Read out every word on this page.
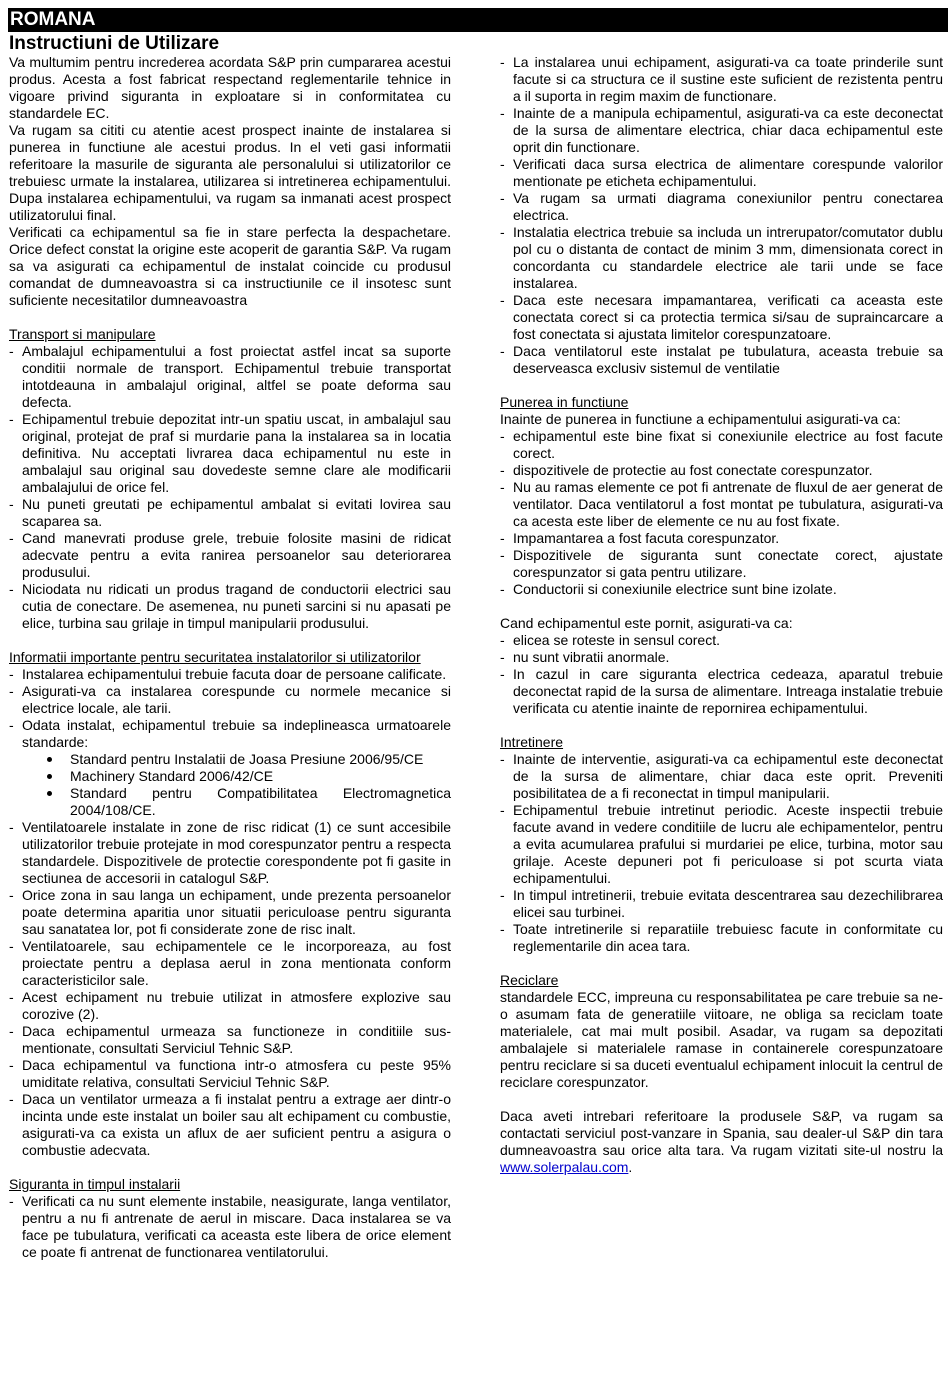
ROMANA
Instructiuni de Utilizare

Va multumim pentru increderea acordata S&P prin cumpararea acestui produs. Acesta a fost fabricat respectand reglementarile tehnice in vigoare privind siguranta in exploatare si in conformitatea cu standardele EC.

Va rugam sa cititi cu atentie acest prospect inainte de instalarea si punerea in functiune ale acestui produs. In el veti gasi informatii referitoare la masurile de siguranta ale personalului si utilizatorilor ce trebuiesc urmate la instalarea, utilizarea si intretinerea echipamentului. Dupa instalarea echipamentului, va rugam sa inmanati acest prospect utilizatorului final.

Verificati ca echipamentul sa fie in stare perfecta la despachetare. Orice defect constat la origine este acoperit de garantia S&P. Va rugam sa va asigurati ca echipamentul de instalat coincide cu produsul comandat de dumneavoastra si ca instructiunile ce il insotesc sunt suficiente necesitatilor dumneavoastra

Transport si manipulare

- Ambalajul echipamentului a fost proiectat astfel incat sa suporte conditii normale de transport. Echipamentul trebuie transportat intotdeauna in ambalajul original, altfel se poate deforma sau defecta.
- Echipamentul trebuie depozitat intr-un spatiu uscat, in ambalajul sau original, protejat de praf si murdarie pana la instalarea sa in locatia definitiva. Nu acceptati livrarea daca echipamentul nu este in ambalajul sau original sau dovedeste semne clare ale modificarii ambalajului de orice fel.
- Nu puneti greutati pe echipamentul ambalat si evitati lovirea sau scaparea sa.
- Cand manevrati produse grele, trebuie folosite masini de ridicat adecvate pentru a evita ranirea persoanelor sau deteriorarea produsului.
- Niciodata nu ridicati un produs tragand de conductorii electrici sau cutia de conectare. De asemenea, nu puneti sarcini si nu apasati pe elice, turbina sau grilaje in timpul manipularii produsului.

Informatii importante pentru securitatea instalatorilor si utilizatorilor

- Instalarea echipamentului trebuie facuta doar de persoane calificate.
- Asigurati-va ca instalarea corespunde cu normele mecanice si electrice locale, ale tarii.
- Odata instalat, echipamentul trebuie sa indeplineasca urmatoarele standarde:
Standard pentru Instalatii de Joasa Presiune 2006/95/CE
Machinery Standard 2006/42/CE
Standard pentru Compatibilitatea Electromagnetica 2004/108/CE.
- Ventilatoarele instalate in zone de risc ridicat (1) ce sunt accesibile utilizatorilor trebuie protejate in mod corespunzator pentru a respecta standardele. Dispozitivele de protectie corespondente pot fi gasite in sectiunea de accesorii in catalogul S&P.
- Orice zona in sau langa un echipament, unde prezenta persoanelor poate determina aparitia unor situatii periculoase pentru siguranta sau sanatatea lor, pot fi considerate zone de risc inalt.
- Ventilatoarele, sau echipamentele ce le incorporeaza, au fost proiectate pentru a deplasa aerul in zona mentionata conform caracteristicilor sale.
- Acest echipament nu trebuie utilizat in atmosfere explozive sau corozive (2).
- Daca echipamentul urmeaza sa functioneze in conditiile sus-mentionate, consultati Serviciul Tehnic S&P.
- Daca echipamentul va functiona intr-o atmosfera cu peste 95% umiditate relativa, consultati Serviciul Tehnic S&P.
- Daca un ventilator urmeaza a fi instalat pentru a extrage aer dintr-o incinta unde este instalat un boiler sau alt echipament cu combustie, asigurati-va ca exista un aflux de aer suficient pentru a asigura o combustie adecvata.

Siguranta in timpul instalarii

- Verificati ca nu sunt elemente instabile, neasigurate, langa ventilator, pentru a nu fi antrenate de aerul in miscare. Daca instalarea se va face pe tubulatura, verificati ca aceasta este libera de orice element ce poate fi antrenat de functionarea ventilatorului.
- La instalarea unui echipament, asigurati-va ca toate prinderile sunt facute si ca structura ce il sustine este suficient de rezistenta pentru a il suporta in regim maxim de functionare.
- Inainte de a manipula echipamentul, asigurati-va ca este deconectat de la sursa de alimentare electrica, chiar daca echipamentul este oprit din functionare.
- Verificati daca sursa electrica de alimentare corespunde valorilor mentionate pe eticheta echipamentului.
- Va rugam sa urmati diagrama conexiunilor pentru conectarea electrica.
- Instalatia electrica trebuie sa includa un intrerupator/comutator dublu pol cu o distanta de contact de minim 3 mm, dimensionata corect in concordanta cu standardele electrice ale tarii unde se face instalarea.
- Daca este necesara impamantarea, verificati ca aceasta este conectata corect si ca protectia termica si/sau de supraincarcare a fost conectata si ajustata limitelor corespunzatoare.
- Daca ventilatorul este instalat pe tubulatura, aceasta trebuie sa deserveasca exclusiv sistemul de ventilatie

Punerea in functiune

Inainte de punerea in functiune a echipamentului asigurati-va ca:

- echipamentul este bine fixat si conexiunile electrice au fost facute corect.
- dispozitivele de protectie au fost conectate corespunzator.
- Nu au ramas elemente ce pot fi antrenate de fluxul de aer generat de ventilator. Daca ventilatorul a fost montat pe tubulatura, asigurati-va ca acesta este liber de elemente ce nu au fost fixate.
- Impamantarea a fost facuta corespunzator.
- Dispozitivele de siguranta sunt conectate corect, ajustate corespunzator si gata pentru utilizare.
- Conductorii si conexiunile electrice sunt bine izolate.

Cand echipamentul este pornit, asigurati-va ca:

- elicea se roteste in sensul corect.
- nu sunt vibratii anormale.
- In cazul in care siguranta electrica cedeaza, aparatul trebuie deconectat rapid de la sursa de alimentare. Intreaga instalatie trebuie verificata cu atentie inainte de repornirea echipamentului.

Intretinere

- Inainte de interventie, asigurati-va ca echipamentul este deconectat de la sursa de alimentare, chiar daca este oprit. Preveniti posibilitatea de a fi reconectat in timpul manipularii.
- Echipamentul trebuie intretinut periodic. Aceste inspectii trebuie facute avand in vedere conditiile de lucru ale echipamentelor, pentru a evita acumularea prafului si murdariei pe elice, turbina, motor sau grilaje. Aceste depuneri pot fi periculoase si pot scurta viata echipamentului.
- In timpul intretinerii, trebuie evitata descentrarea sau dezechilibrarea elicei sau turbinei.
- Toate intretinerile si reparatiile trebuiesc facute in conformitate cu reglementarile din acea tara.

Reciclare

standardele ECC, impreuna cu responsabilitatea pe care trebuie sa ne-o asumam fata de generatiile viitoare, ne obliga sa reciclam toate materialele, cat mai mult posibil. Asadar, va rugam sa depozitati ambalajele si materialele ramase in containerele corespunzatoare pentru reciclare si sa duceti eventualul echipament inlocuit la centrul de reciclare corespunzator.

Daca aveti intrebari referitoare la produsele S&P, va rugam sa contactati serviciul post-vanzare in Spania, sau dealer-ul S&P din tara dumneavoastra sau orice alta tara. Va rugam vizitati site-ul nostru la www.solerpalau.com.
